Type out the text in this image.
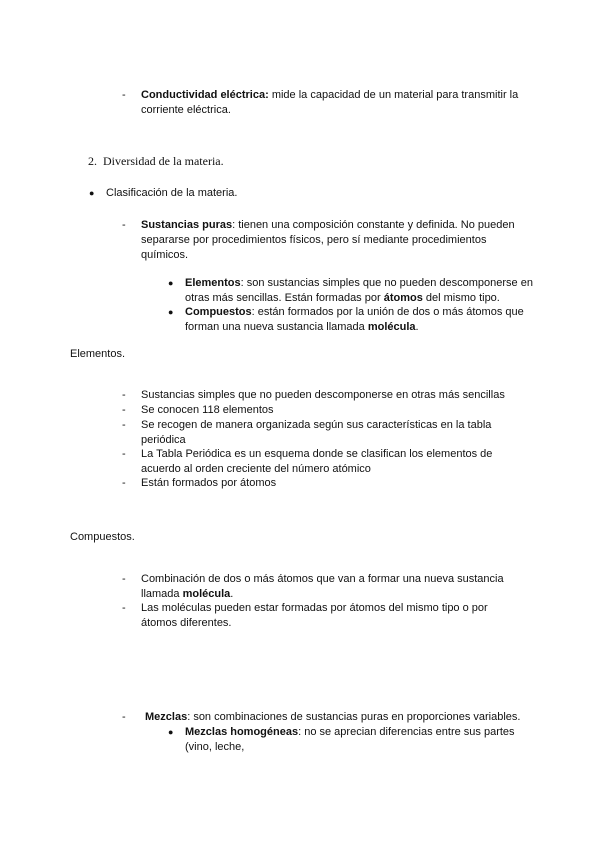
- Conductividad eléctrica: mide la capacidad de un material para transmitir la corriente eléctrica.
2. Diversidad de la materia.
● Clasificación de la materia.
- Sustancias puras: tienen una composición constante y definida. No pueden separarse por procedimientos físicos, pero sí mediante procedimientos químicos.
● Elementos: son sustancias simples que no pueden descomponerse en otras más sencillas. Están formadas por átomos del mismo tipo.
● Compuestos: están formados por la unión de dos o más átomos que forman una nueva sustancia llamada molécula.
Elementos.
- Sustancias simples que no pueden descomponerse en otras más sencillas
- Se conocen 118 elementos
- Se recogen de manera organizada según sus características en la tabla periódica
- La Tabla Periódica es un esquema donde se clasifican los elementos de acuerdo al orden creciente del número atómico
- Están formados por átomos
Compuestos.
- Combinación de dos o más átomos que van a formar una nueva sustancia llamada molécula.
- Las moléculas pueden estar formadas por átomos del mismo tipo o por átomos diferentes.
- Mezclas: son combinaciones de sustancias puras en proporciones variables.
● Mezclas homogéneas: no se aprecian diferencias entre sus partes (vino, leche,
